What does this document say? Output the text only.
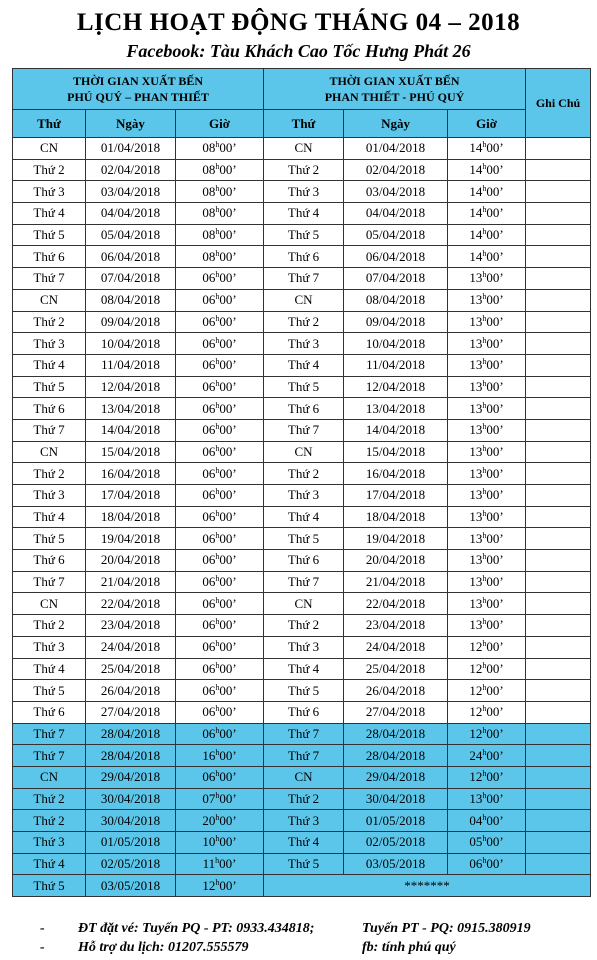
LỊCH HOẠT ĐỘNG THÁNG 04 – 2018
Facebook: Tàu Khách Cao Tốc Hưng Phát 26
THỜI GIAN XUẤT BẾN
PHÚ QUÝ – PHAN THIẾT			THỜI GIAN XUẤT BẾN
PHAN THIẾT - PHÚ QUÝ			Ghi Chú
Thứ	Ngày	Giờ	Thứ	Ngày	Giờ	
CN	01/04/2018	08$^h$00’	CN	01/04/2018	14$^h$00’	
Thứ 2	02/04/2018	08$^h$00’	Thứ 2	02/04/2018	14$^h$00’	
Thứ 3	03/04/2018	08$^h$00’	Thứ 3	03/04/2018	14$^h$00’	
Thứ 4	04/04/2018	08$^h$00’	Thứ 4	04/04/2018	14$^h$00’	
Thứ 5	05/04/2018	08$^h$00’	Thứ 5	05/04/2018	14$^h$00’	
Thứ 6	06/04/2018	08$^h$00’	Thứ 6	06/04/2018	14$^h$00’	
Thứ 7	07/04/2018	06$^h$00’	Thứ 7	07/04/2018	13$^h$00’	
CN	08/04/2018	06$^h$00’	CN	08/04/2018	13$^h$00’	
Thứ 2	09/04/2018	06$^h$00’	Thứ 2	09/04/2018	13$^h$00’	
Thứ 3	10/04/2018	06$^h$00’	Thứ 3	10/04/2018	13$^h$00’	
Thứ 4	11/04/2018	06$^h$00’	Thứ 4	11/04/2018	13$^h$00’	
Thứ 5	12/04/2018	06$^h$00’	Thứ 5	12/04/2018	13$^h$00’	
Thứ 6	13/04/2018	06$^h$00’	Thứ 6	13/04/2018	13$^h$00’	
Thứ 7	14/04/2018	06$^h$00’	Thứ 7	14/04/2018	13$^h$00’	
CN	15/04/2018	06$^h$00’	CN	15/04/2018	13$^h$00’	
Thứ 2	16/04/2018	06$^h$00’	Thứ 2	16/04/2018	13$^h$00’	
Thứ 3	17/04/2018	06$^h$00’	Thứ 3	17/04/2018	13$^h$00’	
Thứ 4	18/04/2018	06$^h$00’	Thứ 4	18/04/2018	13$^h$00’	
Thứ 5	19/04/2018	06$^h$00’	Thứ 5	19/04/2018	13$^h$00’	
Thứ 6	20/04/2018	06$^h$00’	Thứ 6	20/04/2018	13$^h$00’	
Thứ 7	21/04/2018	06$^h$00’	Thứ 7	21/04/2018	13$^h$00’	
CN	22/04/2018	06$^h$00’	CN	22/04/2018	13$^h$00’	
Thứ 2	23/04/2018	06$^h$00’	Thứ 2	23/04/2018	13$^h$00’	
Thứ 3	24/04/2018	06$^h$00’	Thứ 3	24/04/2018	12$^h$00’	
Thứ 4	25/04/2018	06$^h$00’	Thứ 4	25/04/2018	12$^h$00’	
Thứ 5	26/04/2018	06$^h$00’	Thứ 5	26/04/2018	12$^h$00’	
Thứ 6	27/04/2018	06$^h$00’	Thứ 6	27/04/2018	12$^h$00’	
Thứ 7	28/04/2018	06$^h$00’	Thứ 7	28/04/2018	12$^h$00’	
Thứ 7	28/04/2018	16$^h$00’	Thứ 7	28/04/2018	24$^h$00’	
CN	29/04/2018	06$^h$00’	CN	29/04/2018	12$^h$00’	
Thứ 2	30/04/2018	07$^h$00’	Thứ 2	30/04/2018	13$^h$00’	
Thứ 2	30/04/2018	20$^h$00’	Thứ 3	01/05/2018	04$^h$00’	
Thứ 3	01/05/2018	10$^h$00’	Thứ 4	02/05/2018	05$^h$00’	
Thứ 4	02/05/2018	11$^h$00’	Thứ 5	03/05/2018	06$^h$00’	
Thứ 5	03/05/2018	12$^h$00’	*******			
- ĐT đặt vé: Tuyến PQ - PT: 0933.434818;	Tuyến PT - PQ: 0915.380919
- Hỗ trợ du lịch: 01207.555579	fb: tính phú quý
